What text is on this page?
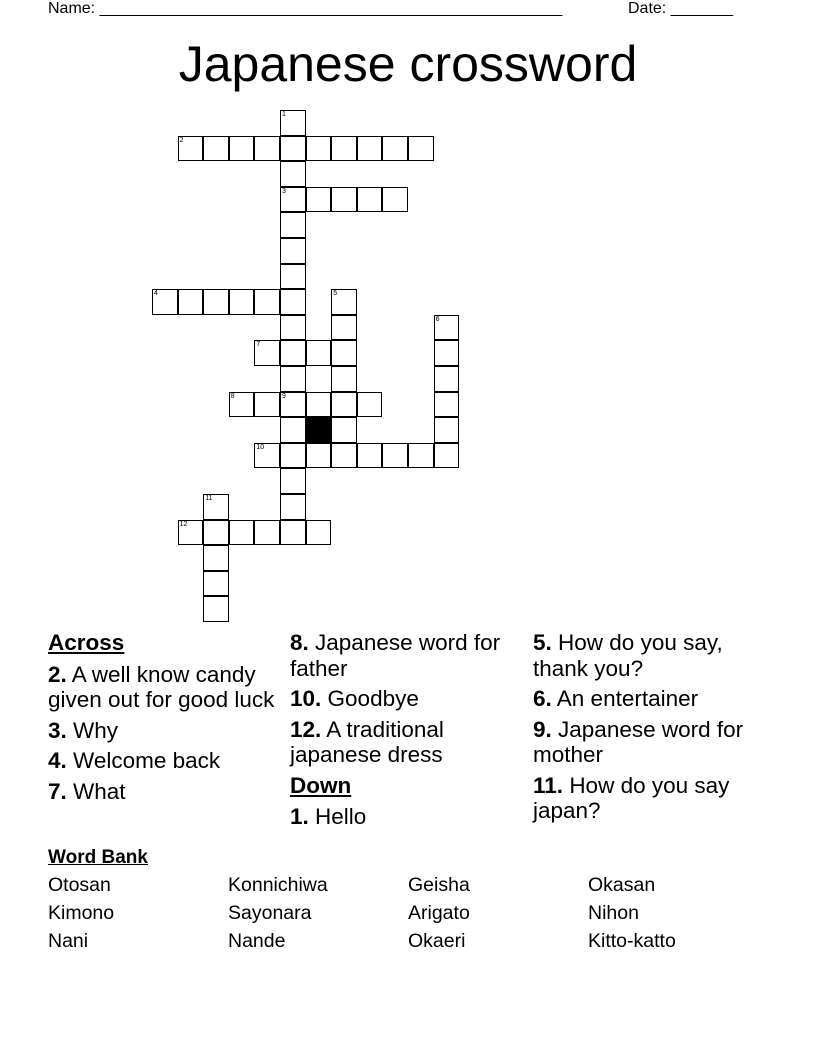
Name: ____________________________________________________	Date: _______
Japanese crossword
2
3
4
7
8	9
10
12
1
5
6
11
Across
2. A well know candy given out for good luck
3. Why
4. Welcome back
7. What
8. Japanese word for father
10. Goodbye
12. A traditional japanese dress
Down
1. Hello
5. How do you say, thank you?
6. An entertainer
9. Japanese word for mother
11. How do you say japan?
Word Bank
Otosan	Konnichiwa	Geisha	Okasan
Kimono	Sayonara	Arigato	Nihon
Nani	Nande	Okaeri	Kitto-katto
